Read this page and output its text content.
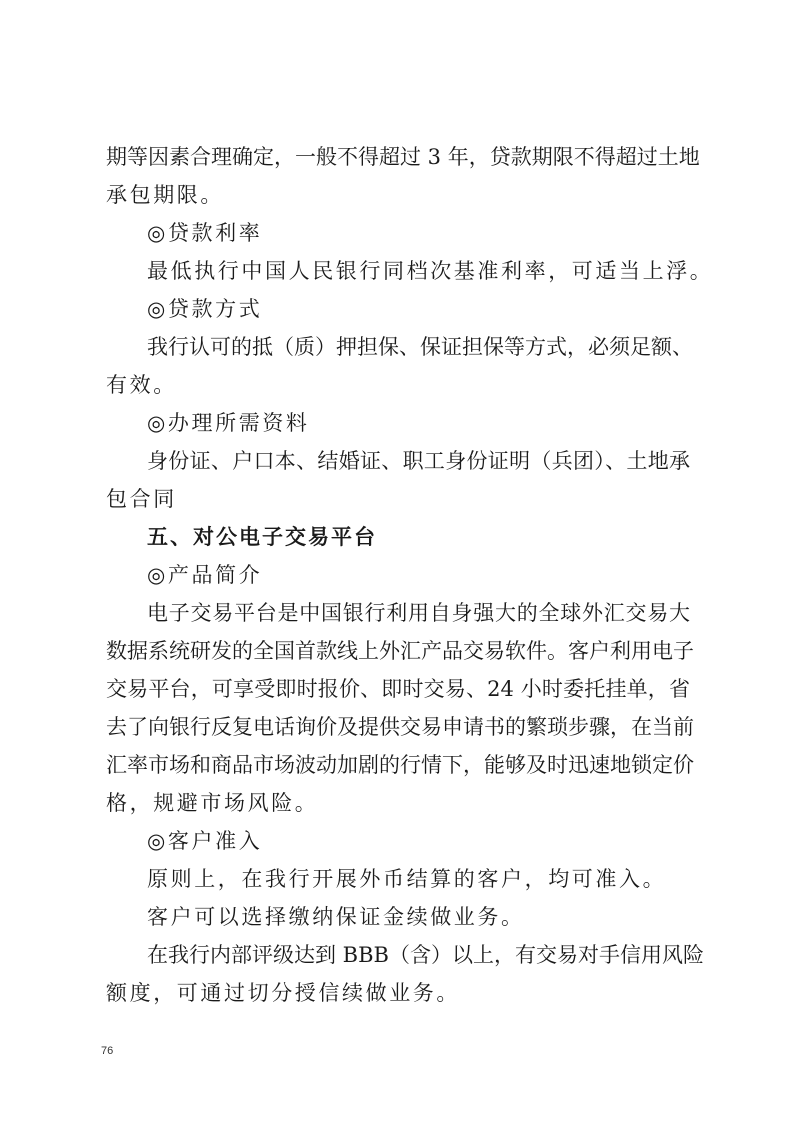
期等因素合理确定，一般不得超过 3 年，贷款期限不得超过土地
承包期限。
◎贷款利率
最低执行中国人民银行同档次基准利率，可适当上浮。
◎贷款方式
我行认可的抵（质）押担保、保证担保等方式，必须足额、
有效。
◎办理所需资料
身份证、户口本、结婚证、职工身份证明（兵团）、土地承
包合同
五、对公电子交易平台
◎产品简介
电子交易平台是中国银行利用自身强大的全球外汇交易大
数据系统研发的全国首款线上外汇产品交易软件。客户利用电子
交易平台，可享受即时报价、即时交易、24 小时委托挂单，省
去了向银行反复电话询价及提供交易申请书的繁琐步骤，在当前
汇率市场和商品市场波动加剧的行情下，能够及时迅速地锁定价
格，规避市场风险。
◎客户准入
原则上，在我行开展外币结算的客户，均可准入。
客户可以选择缴纳保证金续做业务。
在我行内部评级达到 BBB（含）以上，有交易对手信用风险
额度，可通过切分授信续做业务。
76
